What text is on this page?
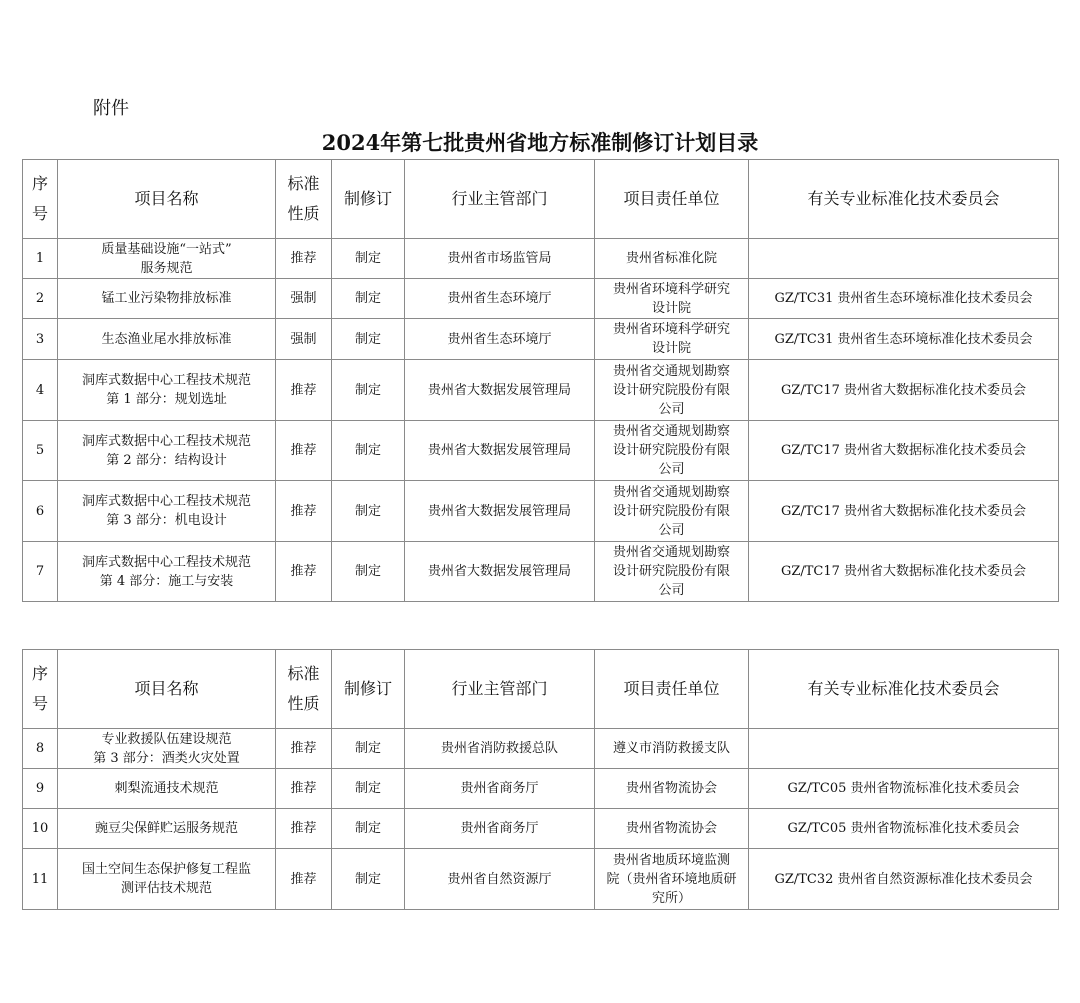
附件
2024年第七批贵州省地方标准制修订计划目录
序
号	项目名称	标准
性质	制修订	行业主管部门	项目责任单位	有关专业标准化技术委员会
1	质量基础设施“一站式”
服务规范	推荐	制定	贵州省市场监管局	贵州省标准化院	
2	锰工业污染物排放标准	强制	制定	贵州省生态环境厅	贵州省环境科学研究
设计院	GZ/TC31 贵州省生态环境标准化技术委员会
3	生态渔业尾水排放标准	强制	制定	贵州省生态环境厅	贵州省环境科学研究
设计院	GZ/TC31 贵州省生态环境标准化技术委员会
4	洞库式数据中心工程技术规范
第 1 部分：规划选址	推荐	制定	贵州省大数据发展管理局	贵州省交通规划勘察
设计研究院股份有限
公司	GZ/TC17 贵州省大数据标准化技术委员会
5	洞库式数据中心工程技术规范
第 2 部分：结构设计	推荐	制定	贵州省大数据发展管理局	贵州省交通规划勘察
设计研究院股份有限
公司	GZ/TC17 贵州省大数据标准化技术委员会
6	洞库式数据中心工程技术规范
第 3 部分：机电设计	推荐	制定	贵州省大数据发展管理局	贵州省交通规划勘察
设计研究院股份有限
公司	GZ/TC17 贵州省大数据标准化技术委员会
7	洞库式数据中心工程技术规范
第 4 部分：施工与安装	推荐	制定	贵州省大数据发展管理局	贵州省交通规划勘察
设计研究院股份有限
公司	GZ/TC17 贵州省大数据标准化技术委员会
序
号	项目名称	标准
性质	制修订	行业主管部门	项目责任单位	有关专业标准化技术委员会
8	专业救援队伍建设规范
第 3 部分：酒类火灾处置	推荐	制定	贵州省消防救援总队	遵义市消防救援支队	
9	刺梨流通技术规范	推荐	制定	贵州省商务厅	贵州省物流协会	GZ/TC05 贵州省物流标准化技术委员会
10	豌豆尖保鲜贮运服务规范	推荐	制定	贵州省商务厅	贵州省物流协会	GZ/TC05 贵州省物流标准化技术委员会
11	国土空间生态保护修复工程监
测评估技术规范	推荐	制定	贵州省自然资源厅	贵州省地质环境监测
院（贵州省环境地质研
究所）	GZ/TC32 贵州省自然资源标准化技术委员会
